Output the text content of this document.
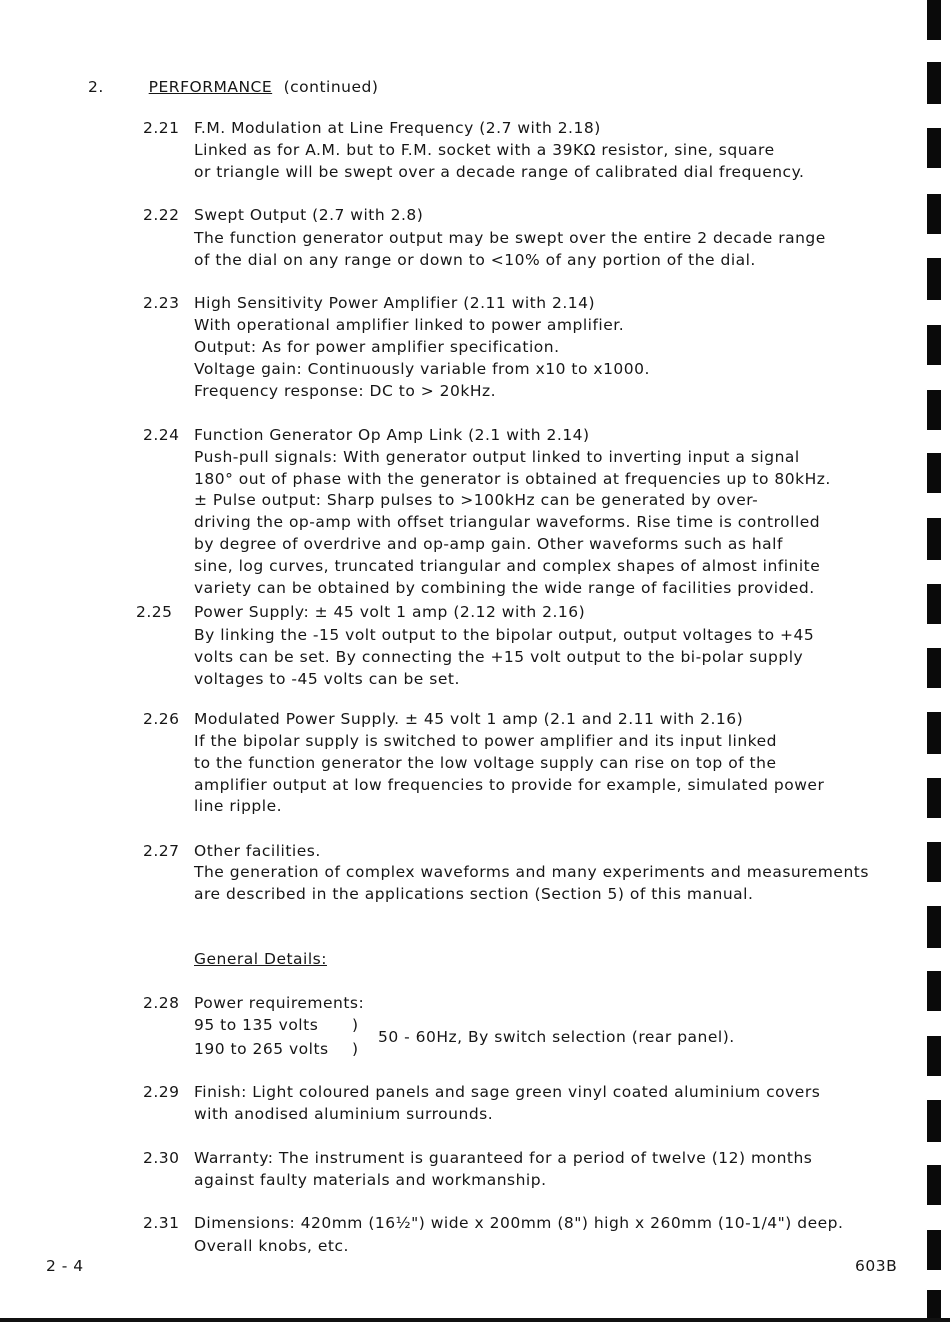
2.	PERFORMANCE (continued)
2.21 F.M. Modulation at Line Frequency (2.7 with 2.18)
Linked as for A.M. but to F.M. socket with a 39KΩ resistor, sine, square
or triangle will be swept over a decade range of calibrated dial frequency.
2.22 Swept Output (2.7 with 2.8)
The function generator output may be swept over the entire 2 decade range
of the dial on any range or down to <10% of any portion of the dial.
2.23 High Sensitivity Power Amplifier (2.11 with 2.14)
With operational amplifier linked to power amplifier.
Output: As for power amplifier specification.
Voltage gain: Continuously variable from x10 to x1000.
Frequency response: DC to > 20kHz.
2.24 Function Generator Op Amp Link (2.1 with 2.14)
Push-pull signals: With generator output linked to inverting input a signal
180° out of phase with the generator is obtained at frequencies up to 80kHz.
± Pulse output: Sharp pulses to >100kHz can be generated by over-
driving the op-amp with offset triangular waveforms. Rise time is controlled
by degree of overdrive and op-amp gain. Other waveforms such as half
sine, log curves, truncated triangular and complex shapes of almost infinite
variety can be obtained by combining the wide range of facilities provided.
2.25 Power Supply: ± 45 volt 1 amp (2.12 with 2.16)
By linking the -15 volt output to the bipolar output, output voltages to +45
volts can be set. By connecting the +15 volt output to the bi-polar supply
voltages to -45 volts can be set.
2.26 Modulated Power Supply. ± 45 volt 1 amp (2.1 and 2.11 with 2.16)
If the bipolar supply is switched to power amplifier and its input linked
to the function generator the low voltage supply can rise on top of the
amplifier output at low frequencies to provide for example, simulated power
line ripple.
2.27 Other facilities.
The generation of complex waveforms and many experiments and measurements
are described in the applications section (Section 5) of this manual.
General Details:
2.28 Power requirements:
95 to 135 volts
190 to 265 volts
)
)
50 - 60Hz, By switch selection (rear panel).
2.29 Finish: Light coloured panels and sage green vinyl coated aluminium covers
with anodised aluminium surrounds.
2.30 Warranty: The instrument is guaranteed for a period of twelve (12) months
against faulty materials and workmanship.
2.31 Dimensions: 420mm (16½") wide x 200mm (8") high x 260mm (10-1/4") deep.
Overall knobs, etc.
2 - 4	603B
